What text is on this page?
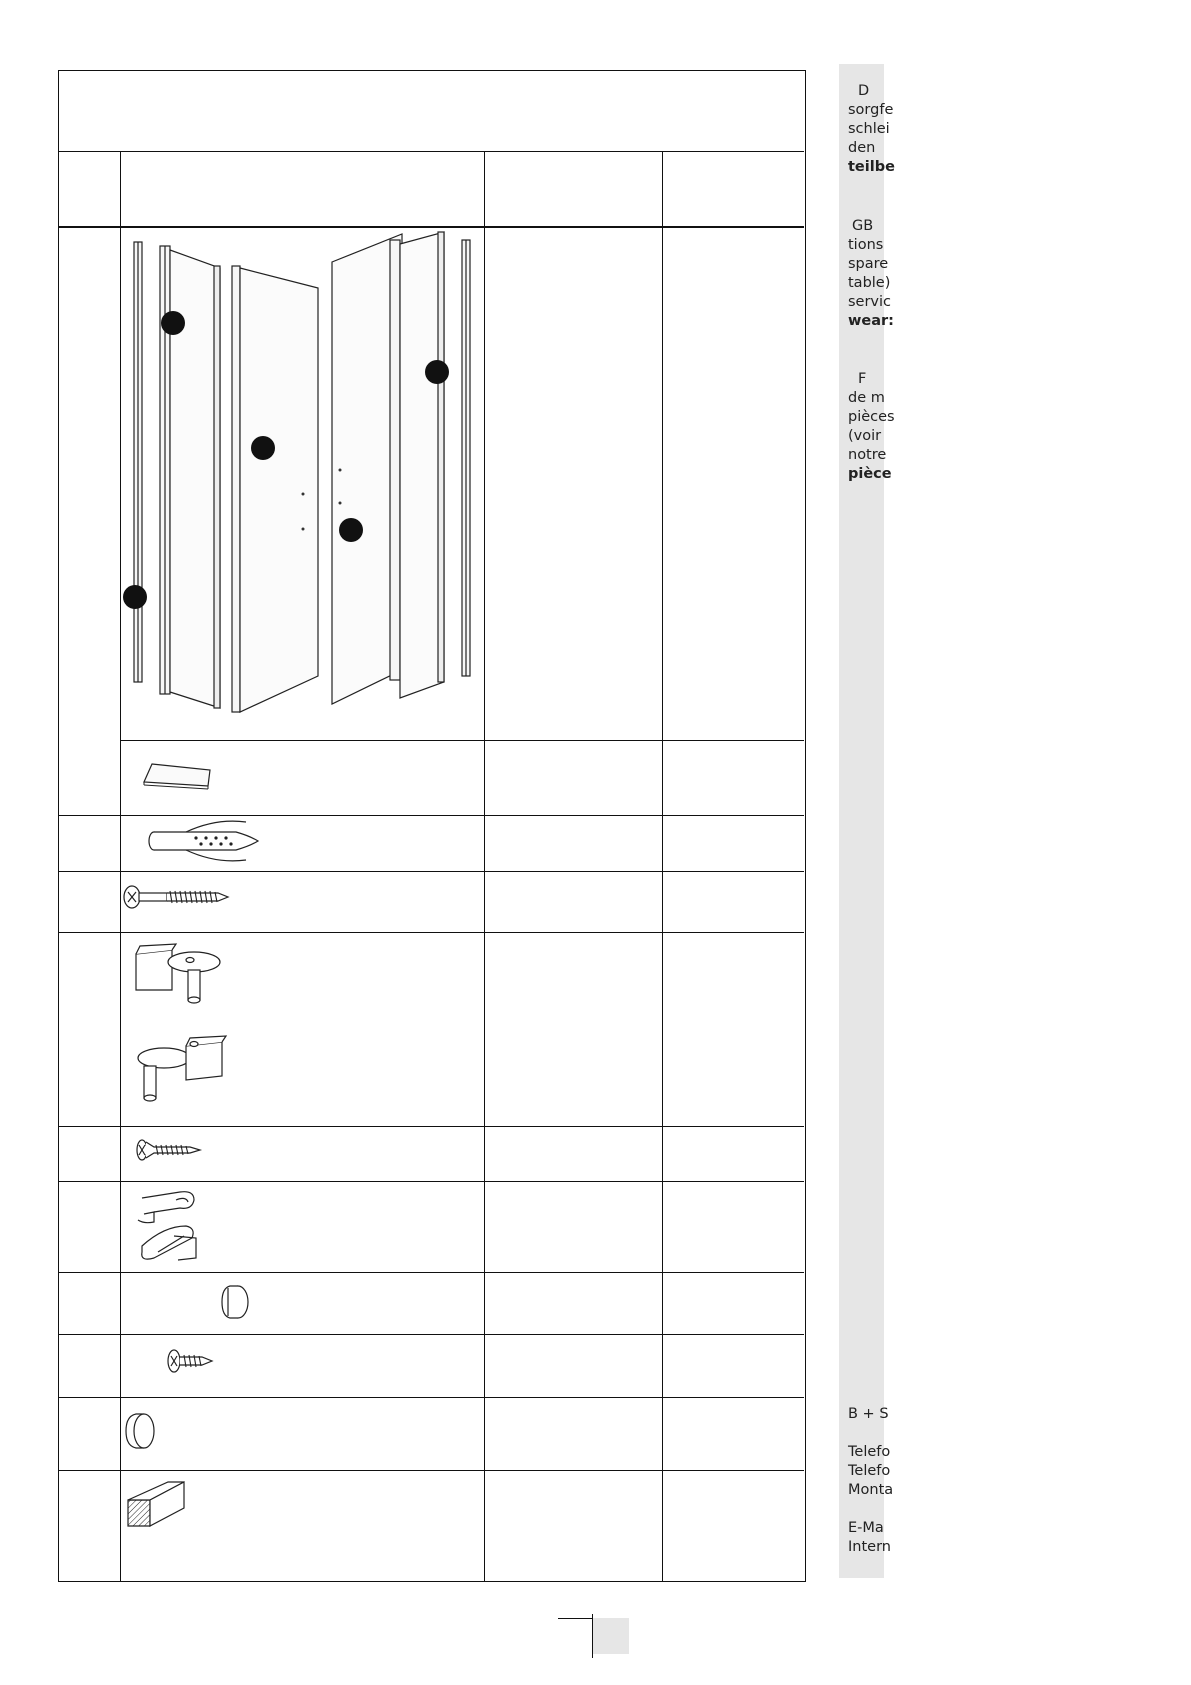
D
sorgfe
schlei
den
teilbe
GB
tions
spare
table)
servic
wear:
F
de m
pièces
(voir
notre
pièce
B + S
Telefo
Telefo
Monta
E-Ma
Intern
